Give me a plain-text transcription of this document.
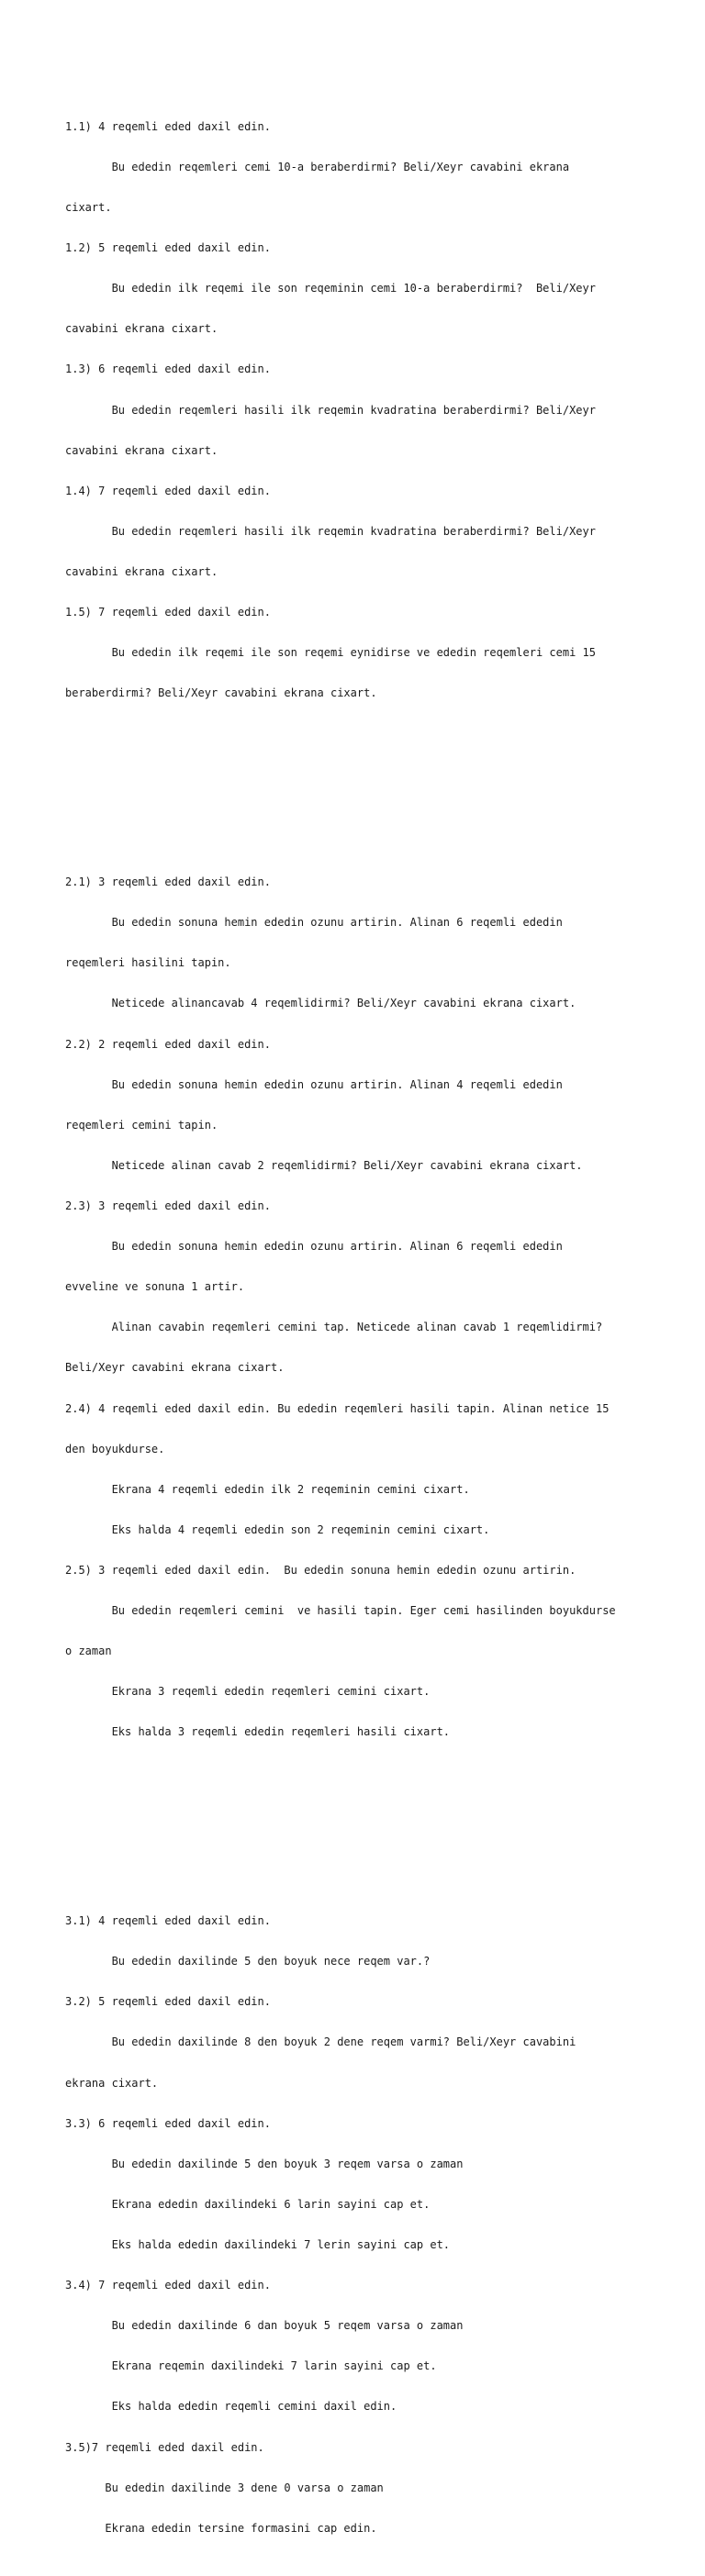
1.1) 4 reqemli eded daxil edin.

Bu ededin reqemleri cemi 10-a beraberdirmi? Beli/Xeyr cavabini ekrana

cixart.

1.2) 5 reqemli eded daxil edin.

Bu ededin ilk reqemi ile son reqeminin cemi 10-a beraberdirmi?  Beli/Xeyr

cavabini ekrana cixart.

1.3) 6 reqemli eded daxil edin.

Bu ededin reqemleri hasili ilk reqemin kvadratina beraberdirmi? Beli/Xeyr

cavabini ekrana cixart.

1.4) 7 reqemli eded daxil edin.

Bu ededin reqemleri hasili ilk reqemin kvadratina beraberdirmi? Beli/Xeyr

cavabini ekrana cixart.

1.5) 7 reqemli eded daxil edin.

Bu ededin ilk reqemi ile son reqemi eynidirse ve ededin reqemleri cemi 15

beraberdirmi? Beli/Xeyr cavabini ekrana cixart.

2.1) 3 reqemli eded daxil edin.

Bu ededin sonuna hemin ededin ozunu artirin. Alinan 6 reqemli ededin

reqemleri hasilini tapin.

Neticede alinancavab 4 reqemlidirmi? Beli/Xeyr cavabini ekrana cixart.

2.2) 2 reqemli eded daxil edin.

Bu ededin sonuna hemin ededin ozunu artirin. Alinan 4 reqemli ededin

reqemleri cemini tapin.

Neticede alinan cavab 2 reqemlidirmi? Beli/Xeyr cavabini ekrana cixart.

2.3) 3 reqemli eded daxil edin.

Bu ededin sonuna hemin ededin ozunu artirin. Alinan 6 reqemli ededin

evveline ve sonuna 1 artir.

Alinan cavabin reqemleri cemini tap. Neticede alinan cavab 1 reqemlidirmi?

Beli/Xeyr cavabini ekrana cixart.

2.4) 4 reqemli eded daxil edin. Bu ededin reqemleri hasili tapin. Alinan netice 15

den boyukdurse.

Ekrana 4 reqemli ededin ilk 2 reqeminin cemini cixart.

Eks halda 4 reqemli ededin son 2 reqeminin cemini cixart.

2.5) 3 reqemli eded daxil edin.  Bu ededin sonuna hemin ededin ozunu artirin.

Bu ededin reqemleri cemini  ve hasili tapin. Eger cemi hasilinden boyukdurse

o zaman

Ekrana 3 reqemli ededin reqemleri cemini cixart.

Eks halda 3 reqemli ededin reqemleri hasili cixart.

3.1) 4 reqemli eded daxil edin.

Bu ededin daxilinde 5 den boyuk nece reqem var.?

3.2) 5 reqemli eded daxil edin.

Bu ededin daxilinde 8 den boyuk 2 dene reqem varmi? Beli/Xeyr cavabini

ekrana cixart.

3.3) 6 reqemli eded daxil edin.

Bu ededin daxilinde 5 den boyuk 3 reqem varsa o zaman

Ekrana ededin daxilindeki 6 larin sayini cap et.

Eks halda ededin daxilindeki 7 lerin sayini cap et.

3.4) 7 reqemli eded daxil edin.

Bu ededin daxilinde 6 dan boyuk 5 reqem varsa o zaman

Ekrana reqemin daxilindeki 7 larin sayini cap et.

Eks halda ededin reqemli cemini daxil edin.

3.5)7 reqemli eded daxil edin.

Bu ededin daxilinde 3 dene 0 varsa o zaman

Ekrana ededin tersine formasini cap edin.
